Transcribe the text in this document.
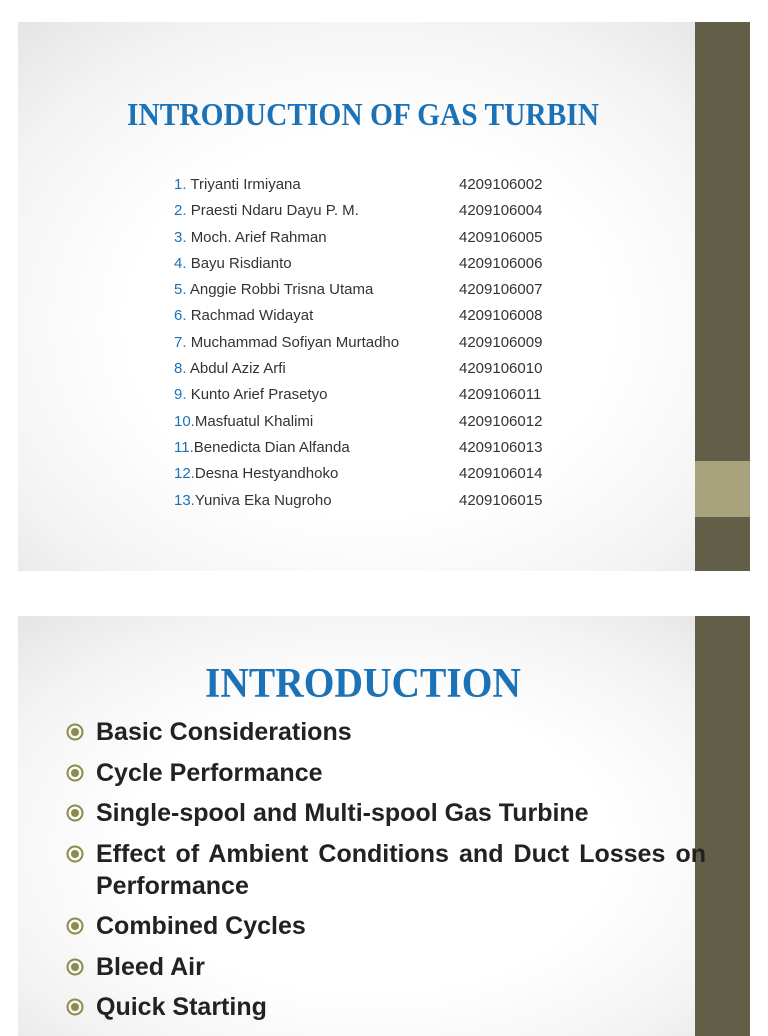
INTRODUCTION OF GAS TURBIN
1. Triyanti Irmiyana	4209106002
2. Praesti Ndaru Dayu P. M.	4209106004
3. Moch. Arief Rahman	4209106005
4. Bayu Risdianto	4209106006
5. Anggie Robbi Trisna Utama	4209106007
6. Rachmad Widayat	4209106008
7. Muchammad Sofiyan Murtadho	4209106009
8. Abdul Aziz Arfi	4209106010
9. Kunto Arief Prasetyo	4209106011
10.Masfuatul Khalimi	4209106012
11.Benedicta Dian Alfanda	4209106013
12.Desna Hestyandhoko	4209106014
13.Yuniva Eka Nugroho	4209106015
INTRODUCTION
Basic Considerations
Cycle Performance
Single-spool and Multi-spool Gas Turbine
Effect of Ambient Conditions and Duct Losses on Performance
Combined Cycles
Bleed Air
Quick Starting
